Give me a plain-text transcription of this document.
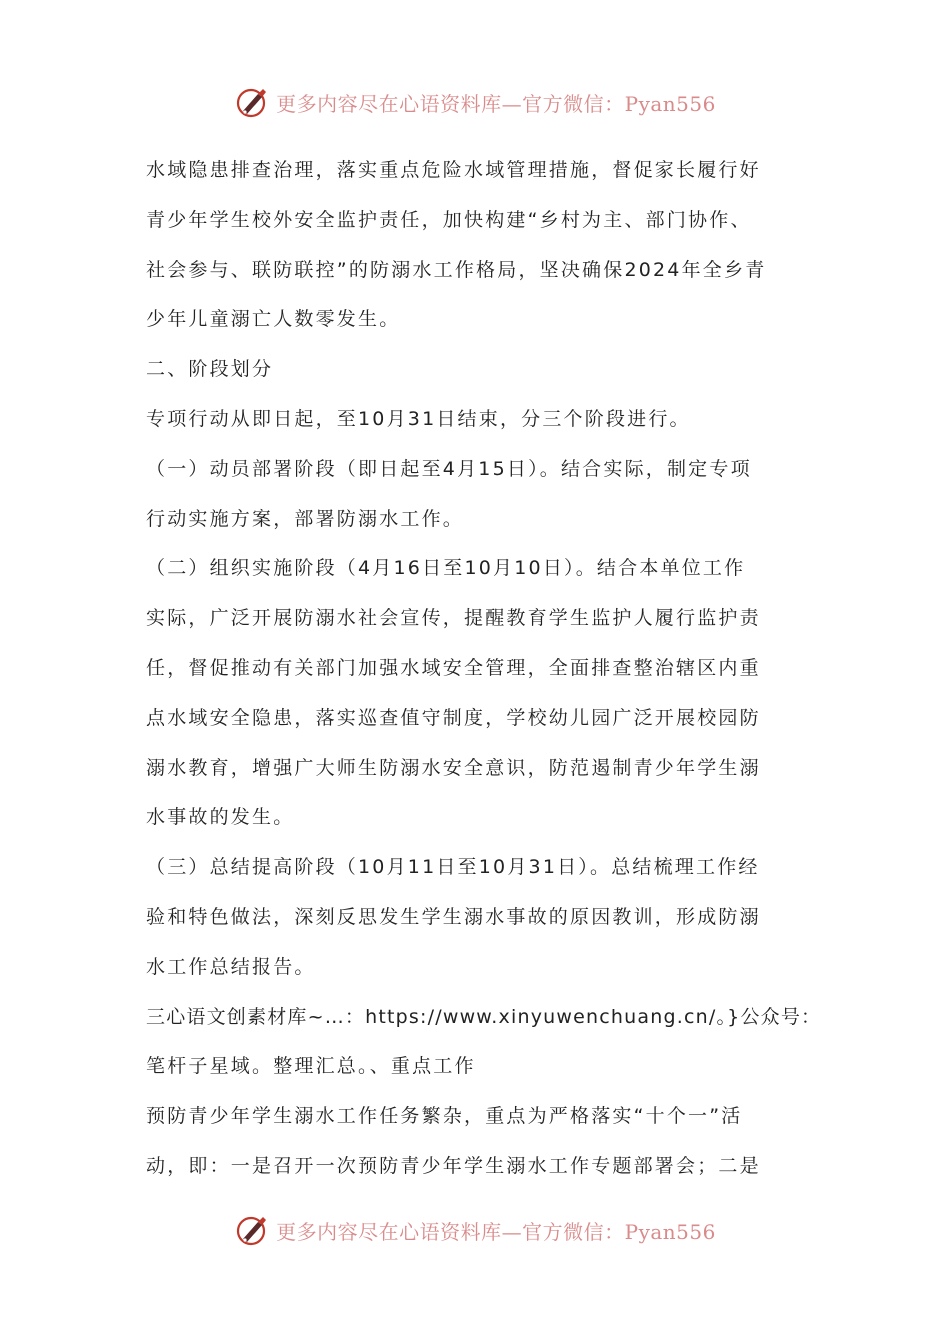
更多内容尽在心语资料库—官方微信：Pyan556
水域隐患排查治理，落实重点危险水域管理措施，督促家长履行好
青少年学生校外安全监护责任，加快构建“乡村为主、部门协作、
社会参与、联防联控”的防溺水工作格局，坚决确保2024年全乡青
少年儿童溺亡人数零发生。
二、阶段划分
专项行动从即日起，至10月31日结束，分三个阶段进行。
（一）动员部署阶段（即日起至4月15日）。结合实际，制定专项
行动实施方案，部署防溺水工作。
（二）组织实施阶段（4月16日至10月10日）。结合本单位工作
实际，广泛开展防溺水社会宣传，提醒教育学生监护人履行监护责
任，督促推动有关部门加强水域安全管理，全面排查整治辖区内重
点水域安全隐患，落实巡查值守制度，学校幼儿园广泛开展校园防
溺水教育，增强广大师生防溺水安全意识，防范遏制青少年学生溺
水事故的发生。
（三）总结提高阶段（10月11日至10月31日）。总结梳理工作经
验和特色做法，深刻反思发生学生溺水事故的原因教训，形成防溺
水工作总结报告。
三心语文创素材库~…：https://www.xinyuwenchuang.cn/。}公众号：
笔杆子星域。整理汇总。、重点工作
预防青少年学生溺水工作任务繁杂，重点为严格落实“十个一”活
动，即：一是召开一次预防青少年学生溺水工作专题部署会；二是
更多内容尽在心语资料库—官方微信：Pyan556
